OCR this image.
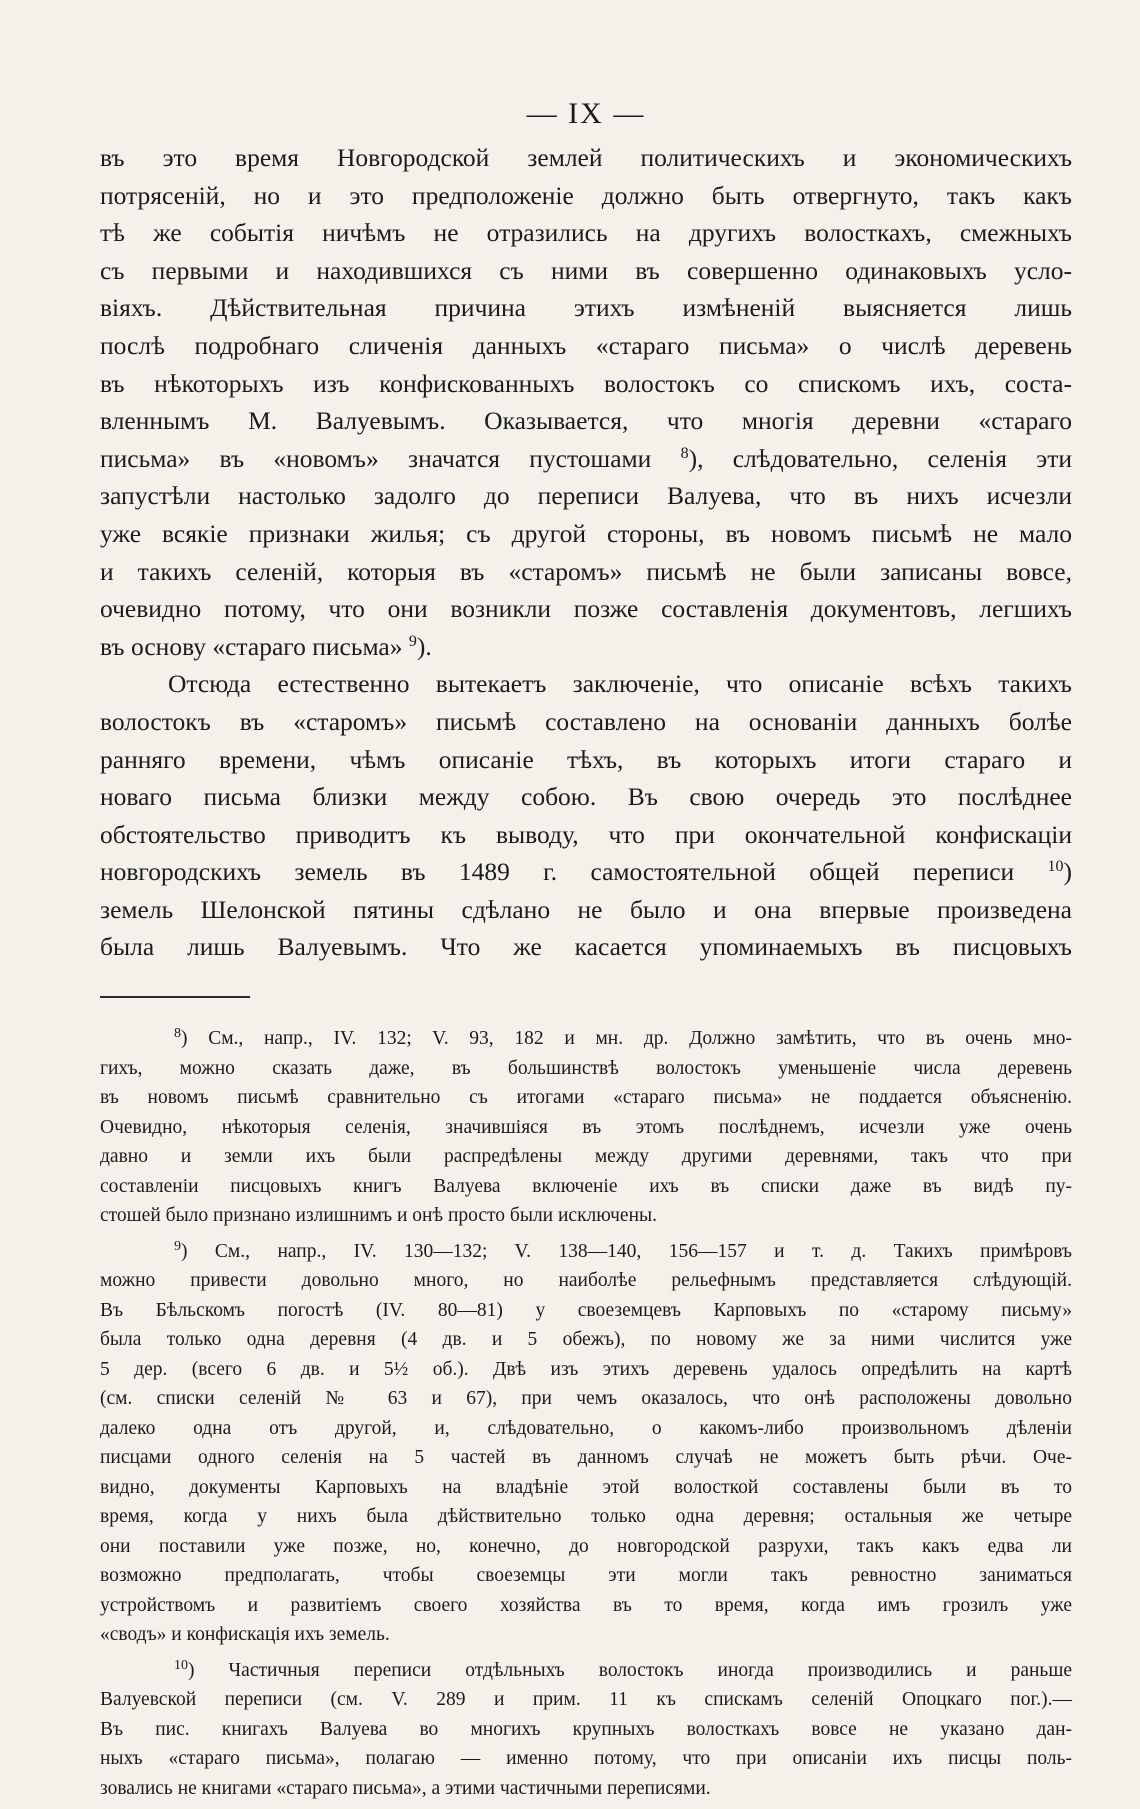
— IX —
въ это время Новгородской землей политическихъ и экономическихъ
потрясеній, но и это предположеніе должно быть отвергнуто, такъ какъ
тѣ же событія ничѣмъ не отразились на другихъ волосткахъ, смежныхъ
съ первыми и находившихся съ ними въ совершенно одинаковыхъ усло-
віяхъ. Дѣйствительная причина этихъ измѣненій выясняется лишь
послѣ подробнаго сличенія данныхъ «стараго письма» о числѣ деревень
въ нѣкоторыхъ изъ конфискованныхъ волостокъ со спискомъ ихъ, соста-
вленнымъ М. Валуевымъ. Оказывается, что многія деревни «стараго
письма» въ «новомъ» значатся пустошами $^8$), слѣдовательно, селенія эти
запустѣли настолько задолго до переписи Валуева, что въ нихъ исчезли
уже всякіе признаки жилья; съ другой стороны, въ новомъ письмѣ не мало
и такихъ селеній, которыя въ «старомъ» письмѣ не были записаны вовсе,
очевидно потому, что они возникли позже составленія документовъ, легшихъ
въ основу «стараго письма» $^9$).
Отсюда естественно вытекаетъ заключеніе, что описаніе всѣхъ такихъ
волостокъ въ «старомъ» письмѣ составлено на основаніи данныхъ болѣе
ранняго времени, чѣмъ описаніе тѣхъ, въ которыхъ итоги стараго и
новаго письма близки между собою. Въ свою очередь это послѣднее
обстоятельство приводитъ къ выводу, что при окончательной конфискаціи
новгородскихъ земель въ 1489 г. самостоятельной общей переписи $^{10}$)
земель Шелонской пятины сдѣлано не было и она впервые произведена
была лишь Валуевымъ. Что же касается упоминаемыхъ въ писцовыхъ
$^8$) См., напр., IV. 132; V. 93, 182 и мн. др. Должно замѣтить, что въ очень мно-
гихъ, можно сказать даже, въ большинствѣ волостокъ уменьшеніе числа деревень
въ новомъ письмѣ сравнительно съ итогами «стараго письма» не поддается объясненію.
Очевидно, нѣкоторыя селенія, значившіяся въ этомъ послѣднемъ, исчезли уже очень
давно и земли ихъ были распредѣлены между другими деревнями, такъ что при
составленіи писцовыхъ книгъ Валуева включеніе ихъ въ списки даже въ видѣ пу-
стошей было признано излишнимъ и онѣ просто были исключены.
$^9$) См., напр., IV. 130—132; V. 138—140, 156—157 и т. д. Такихъ примѣровъ
можно привести довольно много, но наиболѣе рельефнымъ представляется слѣдующій.
Въ Бѣльскомъ погостѣ (IV. 80—81) у своеземцевъ Карповыхъ по «старому письму»
была только одна деревня (4 дв. и 5 обежъ), по новому же за ними числится уже
5 дер. (всего 6 дв. и 5½ об.). Двѣ изъ этихъ деревень удалось опредѣлить на картѣ
(см. списки селеній № 63 и 67), при чемъ оказалось, что онѣ расположены довольно
далеко одна отъ другой, и, слѣдовательно, о какомъ-либо произвольномъ дѣленіи
писцами одного селенія на 5 частей въ данномъ случаѣ не можетъ быть рѣчи. Оче-
видно, документы Карповыхъ на владѣніе этой волосткой составлены были въ то
время, когда у нихъ была дѣйствительно только одна деревня; остальныя же четыре
они поставили уже позже, но, конечно, до новгородской разрухи, такъ какъ едва ли
возможно предполагать, чтобы своеземцы эти могли такъ ревностно заниматься
устройствомъ и развитіемъ своего хозяйства въ то время, когда имъ грозилъ уже
«сводъ» и конфискація ихъ земель.
$^{10}$) Частичныя переписи отдѣльныхъ волостокъ иногда производились и раньше
Валуевской переписи (см. V. 289 и прим. 11 къ спискамъ селеній Опоцкаго пог.).—
Въ пис. книгахъ Валуева во многихъ крупныхъ волосткахъ вовсе не указано дан-
ныхъ «стараго письма», полагаю — именно потому, что при описаніи ихъ писцы поль-
зовались не книгами «стараго письма», а этими частичными переписями.
